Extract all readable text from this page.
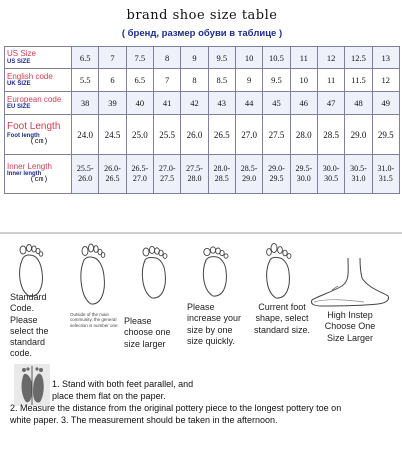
brand shoe size table
( бренд, размер обуви в таблице )
US Size
US SIZE	6.5	7	7.5	8	9	9.5	10	10.5	11	12	12.5	13

English code
UK SIZE	5.5	6	6.5	7	8	8.5	9	9.5	10	11	11.5	12

European code
EU SIZE	38	39	40	41	42	43	44	45	46	47	48	49

Foot Length
Foot length
(cm)	24.0	24.5	25.0	25.5	26.0	26.5	27.0	27.5	28.0	28.5	29.0	29.5

Inner Length
Inner length
(cm)	25.5-26.0	26.0-26.5	26.5-27.0	27.0-27.5	27.5-28.0	28.0-28.5	28.5-29.0	29.0-29.5	29.5-30.0	30.0-30.5	30.5-31.0	31.0-31.5
Standard Code. Please select the standard code.
Outside of the main community, the general selection is number one. Please choose one size larger
Please increase your size by one size quickly.
Current foot shape, select standard size.
High Instep Choose One Size Larger
1. Stand with both feet parallel, and
place them flat on the paper.
2. Measure the distance from the original pottery piece to the longest pottery toe on
white paper. 3. The measurement should be taken in the afternoon.
